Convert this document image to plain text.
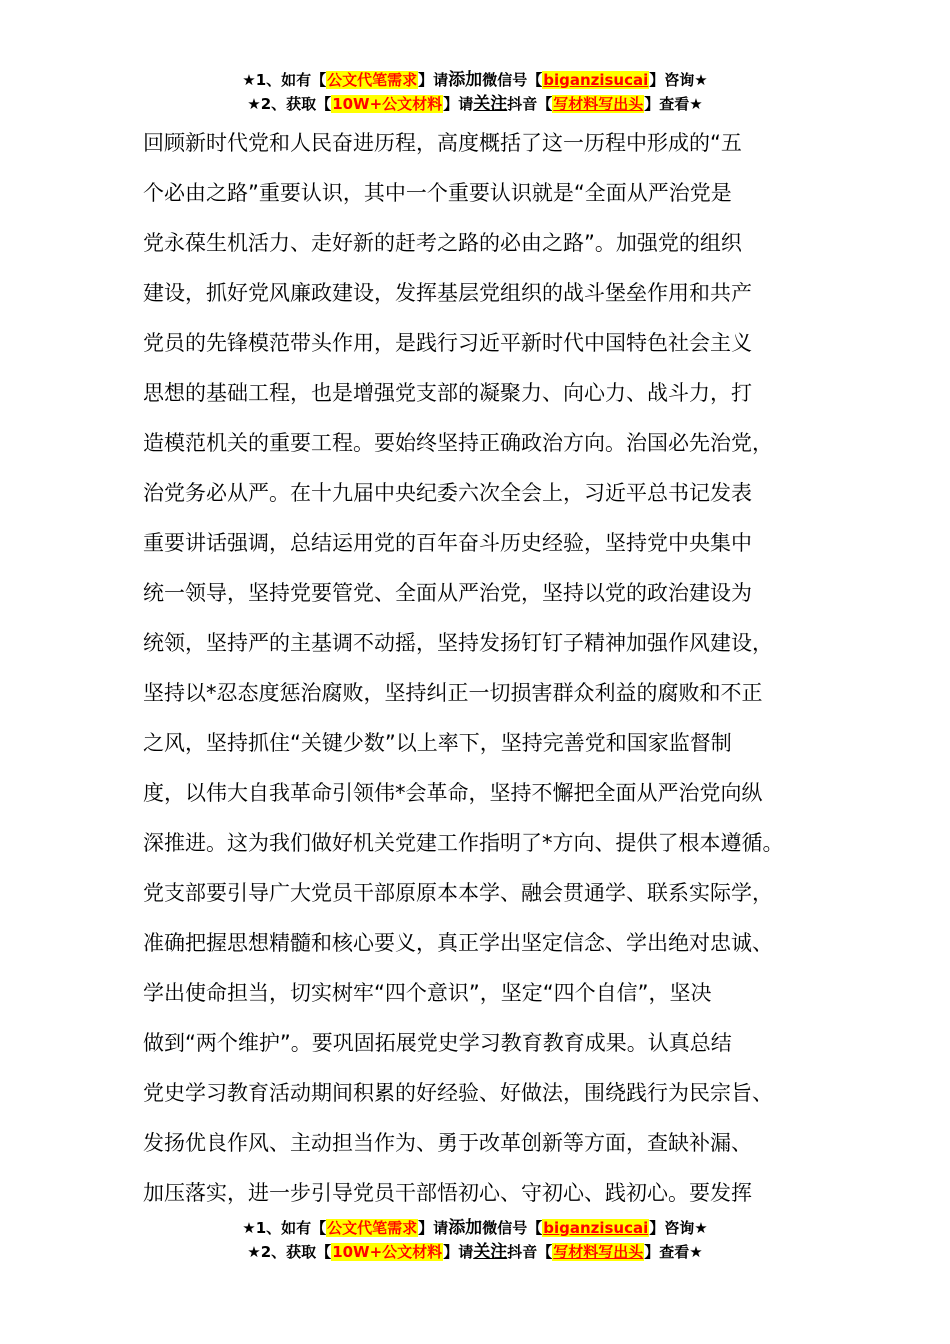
★1、如有【公文代笔需求】请添加微信号【biganzisucai】咨询★
★2、获取【10W+公文材料】请关注抖音【写材料写出头】查看★
回顾新时代党和人民奋进历程，高度概括了这一历程中形成的“五
个必由之路”重要认识，其中一个重要认识就是“全面从严治党是
党永葆生机活力、走好新的赶考之路的必由之路”。加强党的组织
建设，抓好党风廉政建设，发挥基层党组织的战斗堡垒作用和共产
党员的先锋模范带头作用，是践行习近平新时代中国特色社会主义
思想的基础工程，也是增强党支部的凝聚力、向心力、战斗力，打
造模范机关的重要工程。要始终坚持正确政治方向。治国必先治党，
治党务必从严。在十九届中央纪委六次全会上，习近平总书记发表
重要讲话强调，总结运用党的百年奋斗历史经验，坚持党中央集中
统一领导，坚持党要管党、全面从严治党，坚持以党的政治建设为
统领，坚持严的主基调不动摇，坚持发扬钉钉子精神加强作风建设，
坚持以*忍态度惩治腐败，坚持纠正一切损害群众利益的腐败和不正
之风，坚持抓住“关键少数”以上率下，坚持完善党和国家监督制
度，以伟大自我革命引领伟*会革命，坚持不懈把全面从严治党向纵
深推进。这为我们做好机关党建工作指明了*方向、提供了根本遵循。
党支部要引导广大党员干部原原本本学、融会贯通学、联系实际学，
准确把握思想精髓和核心要义，真正学出坚定信念、学出绝对忠诚、
学出使命担当，切实树牢“四个意识”，坚定“四个自信”，坚决
做到“两个维护”。要巩固拓展党史学习教育教育成果。认真总结
党史学习教育活动期间积累的好经验、好做法，围绕践行为民宗旨、
发扬优良作风、主动担当作为、勇于改革创新等方面，查缺补漏、
加压落实，进一步引导党员干部悟初心、守初心、践初心。要发挥
★1、如有【公文代笔需求】请添加微信号【biganzisucai】咨询★
★2、获取【10W+公文材料】请关注抖音【写材料写出头】查看★
